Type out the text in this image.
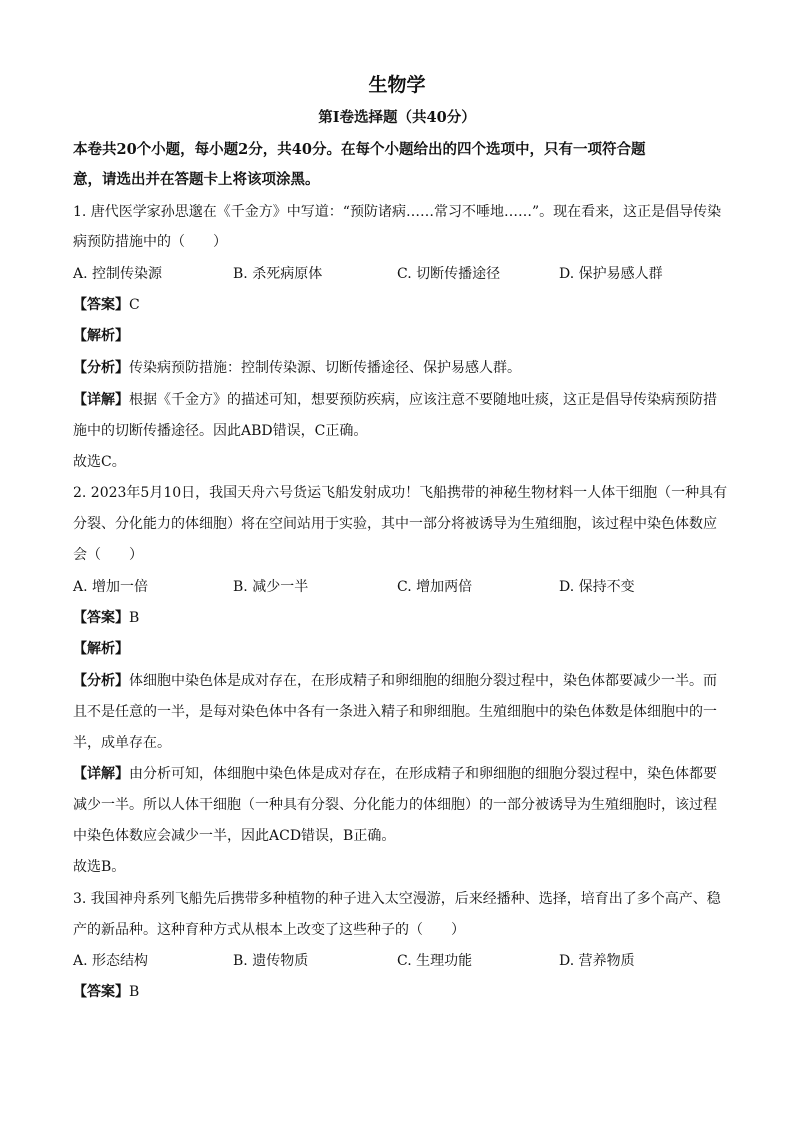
生物学
第Ⅰ卷选择题（共40分）
本卷共20个小题，每小题2分，共40分。在每个小题给出的四个选项中，只有一项符合题
意，请选出并在答题卡上将该项涂黑。
1. 唐代医学家孙思邈在《千金方》中写道：“预防诸病……常习不唾地……”。现在看来，这正是倡导传染
病预防措施中的（　　）
A. 控制传染源	B. 杀死病原体	C. 切断传播途径	D. 保护易感人群
【答案】C
【解析】
【分析】传染病预防措施：控制传染源、切断传播途径、保护易感人群。
【详解】根据《千金方》的描述可知，想要预防疾病，应该注意不要随地吐痰，这正是倡导传染病预防措
施中的切断传播途径。因此ABD错误，C正确。
故选C。
2. 2023年5月10日，我国天舟六号货运飞船发射成功！飞船携带的神秘生物材料一人体干细胞（一种具有
分裂、分化能力的体细胞）将在空间站用于实验，其中一部分将被诱导为生殖细胞，该过程中染色体数应
会（　　）
A. 增加一倍	B. 减少一半	C. 增加两倍	D. 保持不变
【答案】B
【解析】
【分析】体细胞中染色体是成对存在，在形成精子和卵细胞的细胞分裂过程中，染色体都要减少一半。而
且不是任意的一半，是每对染色体中各有一条进入精子和卵细胞。生殖细胞中的染色体数是体细胞中的一
半，成单存在。
【详解】由分析可知，体细胞中染色体是成对存在，在形成精子和卵细胞的细胞分裂过程中，染色体都要
减少一半。所以人体干细胞（一种具有分裂、分化能力的体细胞）的一部分被诱导为生殖细胞时，该过程
中染色体数应会减少一半，因此ACD错误，B正确。
故选B。
3. 我国神舟系列飞船先后携带多种植物的种子进入太空漫游，后来经播种、选择，培育出了多个高产、稳
产的新品种。这种育种方式从根本上改变了这些种子的（　　）
A. 形态结构	B. 遗传物质	C. 生理功能	D. 营养物质
【答案】B
